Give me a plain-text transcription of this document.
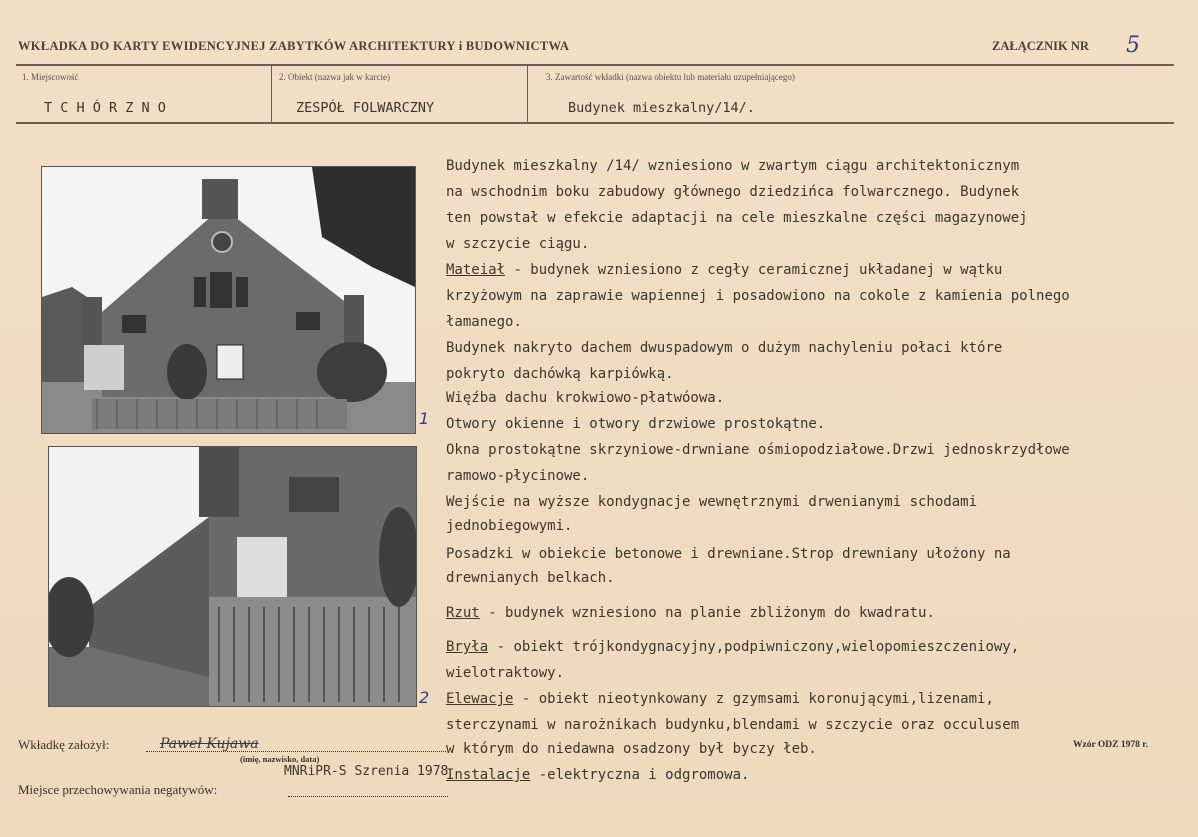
WKŁADKA DO KARTY EWIDENCYJNEJ ZABYTKÓW ARCHITEKTURY i BUDOWNICTWA	ZAŁĄCZNIK NR 5
1. Miejscowość
T C H Ó R Z N O
2. Obiekt (nazwa jak w karcie)
ZESPÓŁ FOLWARCZNY
3. Zawartość wkładki (nazwa obiektu lub materiału uzupełniającego)
Budynek mieszkalny/14/.
1
2
Budynek mieszkalny /14/ wzniesiono w zwartym ciągu architektonicznym
na wschodnim boku zabudowy głównego dziedzińca folwarcznego. Budynek
ten powstał w efekcie adaptacji na cele mieszkalne części magazynowej
w szczycie ciągu.
Mateiał - budynek wzniesiono z cegły ceramicznej układanej w wątku
krzyżowym na zaprawie wapiennej i posadowiono na cokole z kamienia polnego
łamanego.
Budynek nakryto dachem dwuspadowym o dużym nachyleniu połaci które
pokryto dachówką karpiówką.
Więźba dachu krokwiowo-płatwóowa.
Otwory okienne i otwory drzwiowe prostokątne.
Okna prostokątne skrzyniowe-drwniane ośmiopodziałowe.Drzwi jednoskrzydłowe
ramowo-płycinowe.
Wejście na wyższe kondygnacje wewnętrznymi drwenianymi schodami
jednobiegowymi.
Posadzki w obiekcie betonowe i drewniane.Strop drewniany ułożony na
drewnianych belkach.
Rzut - budynek wzniesiono na planie zbliżonym do kwadratu.
Bryła - obiekt trójkondygnacyjny,podpiwniczony,wielopomieszczeniowy,
wielotraktowy.
Elewacje - obiekt nieotynkowany z gzymsami koronującymi,lizenami,
sterczynami w narożnikach budynku,blendami w szczycie oraz occulusem
w którym do niedawna osadzony był byczy łeb.
Instalacje -elektryczna i odgromowa.
Wkładkę założył:	Paweł Kujawa
(imię, nazwisko, data)
MNRiPR-S Szrenia 1978
Miejsce przechowywania negatywów:
Wzór ODZ 1978 r.
